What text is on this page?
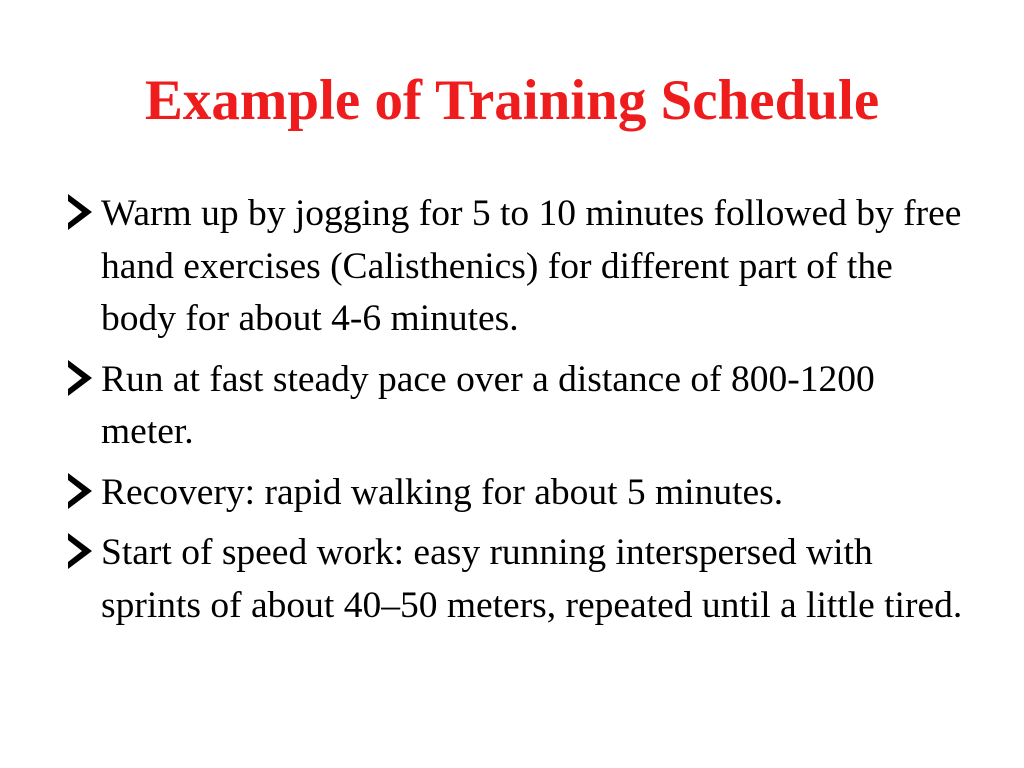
Example of Training Schedule
Warm up by jogging for 5 to 10 minutes followed by free hand exercises (Calisthenics) for different part of the body for about 4-6 minutes.
Run at fast steady pace over a distance of 800-1200 meter.
Recovery: rapid walking for about 5 minutes.
Start of speed work: easy running interspersed with sprints of about 40–50 meters, repeated until a little tired.
